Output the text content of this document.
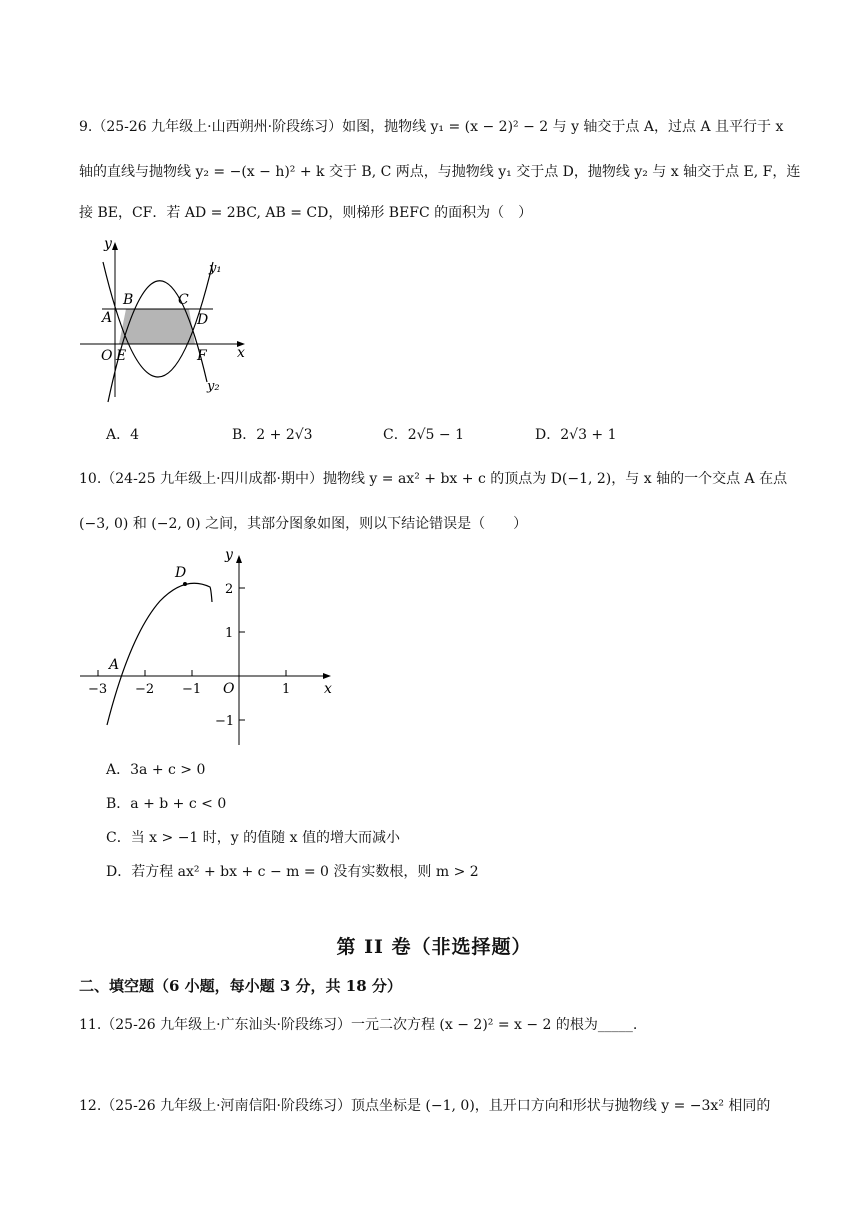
9.（25-26 九年级上·山西朔州·阶段练习）如图，抛物线 y₁ = (x − 2)² − 2 与 y 轴交于点 A，过点 A 且平行于 x
轴的直线与抛物线 y₂ = −(x − h)² + k 交于 B, C 两点，与抛物线 y₁ 交于点 D，抛物线 y₂ 与 x 轴交于点 E, F，连
接 BE，CF．若 AD = 2BC, AB = CD，则梯形 BEFC 的面积为（　）
y
x
y₁
y₂
A
B	C
D
O E	F
A．4	B．2 + 2√3	C．2√5 − 1	D．2√3 + 1
10.（24-25 九年级上·四川成都·期中）抛物线 y = ax² + bx + c 的顶点为 D(−1, 2)，与 x 轴的一个交点 A 在点
(−3, 0) 和 (−2, 0) 之间，其部分图象如图，则以下结论错误是（　　）
−3 −2 −1	1
2
1
−1
y
x
D
A
O
A．3a + c > 0
B．a + b + c < 0
C．当 x > −1 时，y 的值随 x 值的增大而减小
D．若方程 ax² + bx + c − m = 0 没有实数根，则 m > 2
第 II 卷（非选择题）
二、填空题（6 小题，每小题 3 分，共 18 分）
11.（25-26 九年级上·广东汕头·阶段练习）一元二次方程 (x − 2)² = x − 2 的根为_____.
12.（25-26 九年级上·河南信阳·阶段练习）顶点坐标是 (−1, 0)，且开口方向和形状与抛物线 y = −3x² 相同的
